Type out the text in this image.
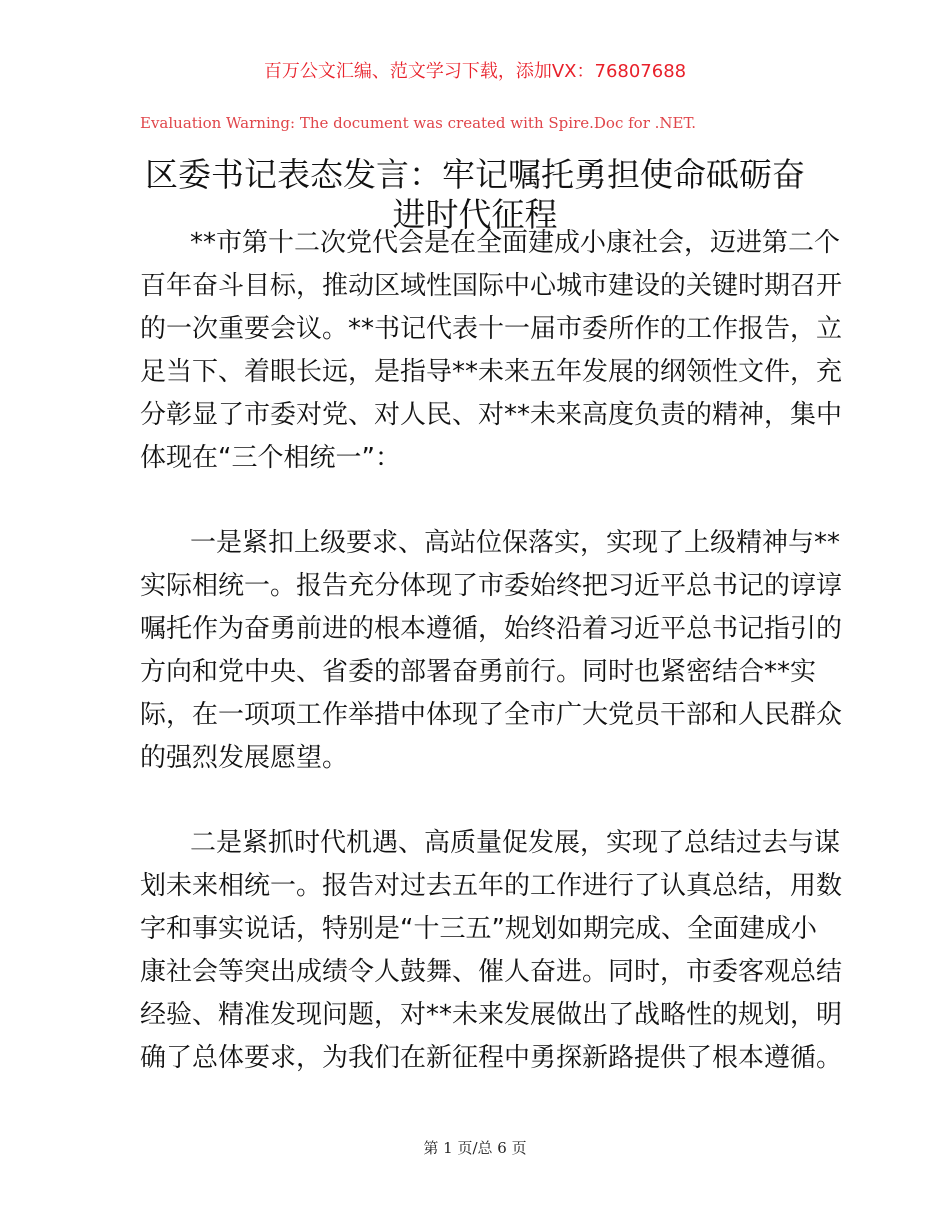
百万公文汇编、范文学习下载，添加VX：76807688
Evaluation Warning: The document was created with Spire.Doc for .NET.
区委书记表态发言：牢记嘱托勇担使命砥砺奋
进时代征程
**市第十二次党代会是在全面建成小康社会，迈进第二个
百年奋斗目标，推动区域性国际中心城市建设的关键时期召开
的一次重要会议。**书记代表十一届市委所作的工作报告，立
足当下、着眼长远，是指导**未来五年发展的纲领性文件，充
分彰显了市委对党、对人民、对**未来高度负责的精神，集中
体现在“三个相统一”：
一是紧扣上级要求、高站位保落实，实现了上级精神与**
实际相统一。报告充分体现了市委始终把习近平总书记的谆谆
嘱托作为奋勇前进的根本遵循，始终沿着习近平总书记指引的
方向和党中央、省委的部署奋勇前行。同时也紧密结合**实
际，在一项项工作举措中体现了全市广大党员干部和人民群众
的强烈发展愿望。
二是紧抓时代机遇、高质量促发展，实现了总结过去与谋
划未来相统一。报告对过去五年的工作进行了认真总结，用数
字和事实说话，特别是“十三五”规划如期完成、全面建成小
康社会等突出成绩令人鼓舞、催人奋进。同时，市委客观总结
经验、精准发现问题，对**未来发展做出了战略性的规划，明
确了总体要求，为我们在新征程中勇探新路提供了根本遵循。
第 1 页/总 6 页
